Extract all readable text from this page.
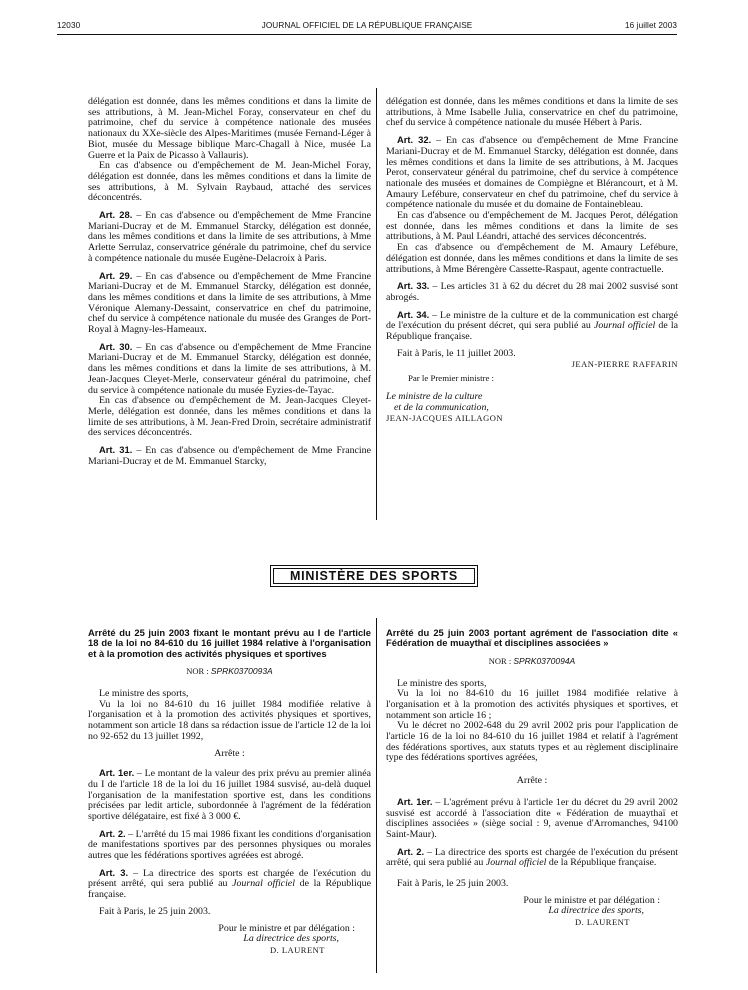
12030	JOURNAL OFFICIEL DE LA RÉPUBLIQUE FRANÇAISE	16 juillet 2003

délégation est donnée, dans les mêmes conditions et dans la limite de ses attributions, à M. Jean-Michel Foray, conservateur en chef du patrimoine, chef du service à compétence nationale des musées nationaux du XXe-siècle des Alpes-Maritimes (musée Fernand-Léger à Biot, musée du Message biblique Marc-Chagall à Nice, musée La Guerre et la Paix de Picasso à Vallauris).

En cas d'absence ou d'empêchement de M. Jean-Michel Foray, délégation est donnée, dans les mêmes conditions et dans la limite de ses attributions, à M. Sylvain Raybaud, attaché des services déconcentrés.

Art. 28. – En cas d'absence ou d'empêchement de Mme Francine Mariani-Ducray et de M. Emmanuel Starcky, délégation est donnée, dans les mêmes conditions et dans la limite de ses attributions, à Mme Arlette Serrulaz, conservatrice générale du patrimoine, chef du service à compétence nationale du musée Eugène-Delacroix à Paris.

Art. 29. – En cas d'absence ou d'empêchement de Mme Francine Mariani-Ducray et de M. Emmanuel Starcky, délégation est donnée, dans les mêmes conditions et dans la limite de ses attributions, à Mme Véronique Alemany-Dessaint, conservatrice en chef du patrimoine, chef du service à compétence nationale du musée des Granges de Port-Royal à Magny-les-Hameaux.

Art. 30. – En cas d'absence ou d'empêchement de Mme Francine Mariani-Ducray et de M. Emmanuel Starcky, délégation est donnée, dans les mêmes conditions et dans la limite de ses attributions, à M. Jean-Jacques Cleyet-Merle, conservateur général du patrimoine, chef du service à compétence nationale du musée Eyzies-de-Tayac.

En cas d'absence ou d'empêchement de M. Jean-Jacques Cleyet-Merle, délégation est donnée, dans les mêmes conditions et dans la limite de ses attributions, à M. Jean-Fred Droin, secrétaire administratif des services déconcentrés.

Art. 31. – En cas d'absence ou d'empêchement de Mme Francine Mariani-Ducray et de M. Emmanuel Starcky,

délégation est donnée, dans les mêmes conditions et dans la limite de ses attributions, à Mme Isabelle Julia, conservatrice en chef du patrimoine, chef du service à compétence nationale du musée Hébert à Paris.

Art. 32. – En cas d'absence ou d'empêchement de Mme Francine Mariani-Ducray et de M. Emmanuel Starcky, délégation est donnée, dans les mêmes conditions et dans la limite de ses attributions, à M. Jacques Perot, conservateur général du patrimoine, chef du service à compétence nationale des musées et domaines de Compiègne et Blérancourt, et à M. Amaury Lefébure, conservateur en chef du patrimoine, chef du service à compétence nationale du musée et du domaine de Fontainebleau.

En cas d'absence ou d'empêchement de M. Jacques Perot, délégation est donnée, dans les mêmes conditions et dans la limite de ses attributions, à M. Paul Léandri, attaché des services déconcentrés.

En cas d'absence ou d'empêchement de M. Amaury Lefébure, délégation est donnée, dans les mêmes conditions et dans la limite de ses attributions, à Mme Bérengère Cassette-Raspaut, agente contractuelle.

Art. 33. – Les articles 31 à 62 du décret du 28 mai 2002 susvisé sont abrogés.

Art. 34. – Le ministre de la culture et de la communication est chargé de l'exécution du présent décret, qui sera publié au Journal officiel de la République française.

Fait à Paris, le 11 juillet 2003.

JEAN-PIERRE RAFFARIN

Par le Premier ministre :

Le ministre de la culture

et de la communication,

JEAN-JACQUES AILLAGON

MINISTÈRE DES SPORTS
Arrêté du 25 juin 2003 fixant le montant prévu au I de l'article 18 de la loi no 84-610 du 16 juillet 1984 relative à l'organisation et à la promotion des activités physiques et sportives
NOR : SPRK0370093A

Le ministre des sports,

Vu la loi no 84-610 du 16 juillet 1984 modifiée relative à l'organisation et à la promotion des activités physiques et sportives, notamment son article 18 dans sa rédaction issue de l'article 12 de la loi no 92-652 du 13 juillet 1992,

Arrête :

Art. 1er. – Le montant de la valeur des prix prévu au premier alinéa du I de l'article 18 de la loi du 16 juillet 1984 susvisé, au-delà duquel l'organisation de la manifestation sportive est, dans les conditions précisées par ledit article, subordonnée à l'agrément de la fédération sportive délégataire, est fixé à 3 000 €.

Art. 2. – L'arrêté du 15 mai 1986 fixant les conditions d'organisation de manifestations sportives par des personnes physiques ou morales autres que les fédérations sportives agréées est abrogé.

Art. 3. – La directrice des sports est chargée de l'exécution du présent arrêté, qui sera publié au Journal officiel de la République française.

Fait à Paris, le 25 juin 2003.

Pour le ministre et par délégation :

La directrice des sports,

D. LAURENT

Arrêté du 25 juin 2003 portant agrément de l'association dite « Fédération de muaythaï et disciplines associées »
NOR : SPRK0370094A

Le ministre des sports,

Vu la loi no 84-610 du 16 juillet 1984 modifiée relative à l'organisation et à la promotion des activités physiques et sportives, et notamment son article 16 ;

Vu le décret no 2002-648 du 29 avril 2002 pris pour l'application de l'article 16 de la loi no 84-610 du 16 juillet 1984 et relatif à l'agrément des fédérations sportives, aux statuts types et au règlement disciplinaire type des fédérations sportives agréées,

Arrête :

Art. 1er. – L'agrément prévu à l'article 1er du décret du 29 avril 2002 susvisé est accordé à l'association dite « Fédération de muaythaï et disciplines associées » (siège social : 9, avenue d'Arromanches, 94100 Saint-Maur).

Art. 2. – La directrice des sports est chargée de l'exécution du présent arrêté, qui sera publié au Journal officiel de la République française.

Fait à Paris, le 25 juin 2003.

Pour le ministre et par délégation :

La directrice des sports,

D. LAURENT
